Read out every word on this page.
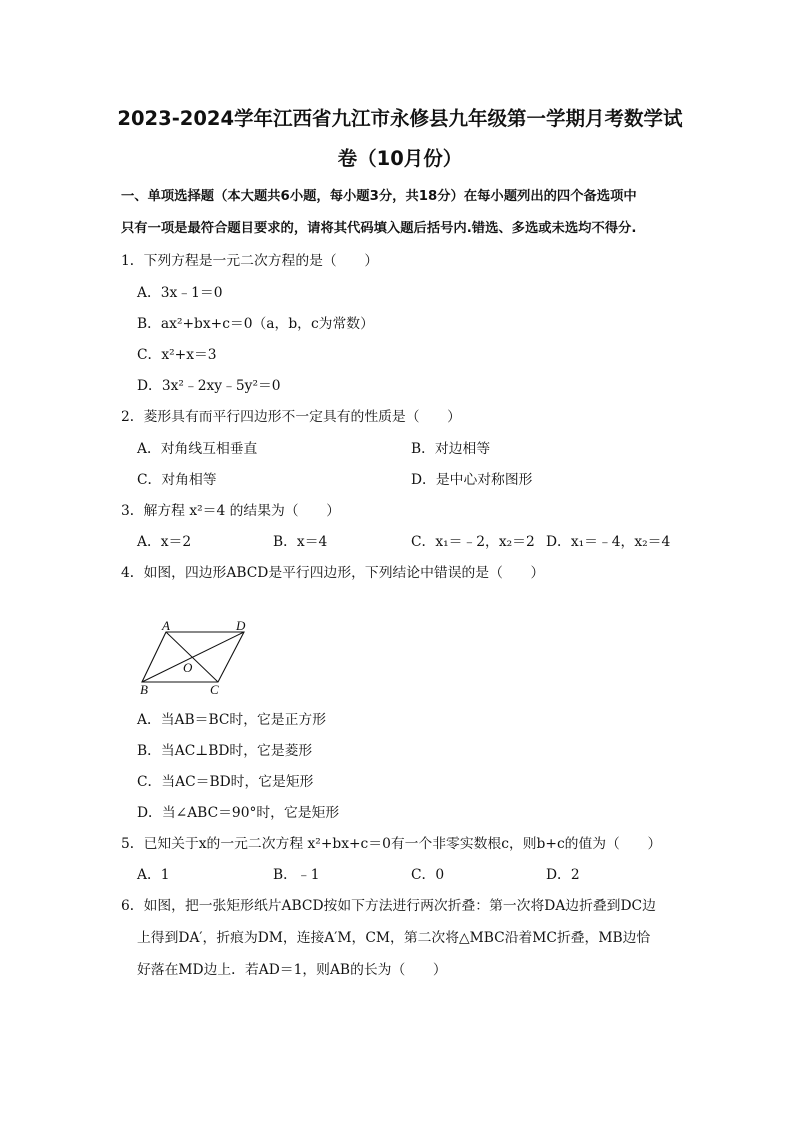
2023-2024学年江西省九江市永修县九年级第一学期月考数学试
卷（10月份）
一、单项选择题（本大题共6小题，每小题3分，共18分）在每小题列出的四个备选项中
只有一项是最符合题目要求的，请将其代码填入题后括号内.错选、多选或未选均不得分.
1．下列方程是一元二次方程的是（　　）
A．3x﹣1＝0
B．ax²+bx+c＝0（a，b，c为常数）
C．x²+x＝3
D．3x²﹣2xy﹣5y²＝0
2．菱形具有而平行四边形不一定具有的性质是（　　）
A．对角线互相垂直	B．对边相等
C．对角相等	D．是中心对称图形
3．解方程 x²＝4 的结果为（　　）
A．x＝2	B．x＝4	C．x₁＝﹣2，x₂＝2 D．x₁＝﹣4，x₂＝4
4．如图，四边形ABCD是平行四边形，下列结论中错误的是（　　）
A	D
O
B	C
A．当AB＝BC时，它是正方形
B．当AC⊥BD时，它是菱形
C．当AC＝BD时，它是矩形
D．当∠ABC＝90°时，它是矩形
5．已知关于x的一元二次方程 x²+bx+c＝0有一个非零实数根c，则b+c的值为（　　）
A．1	B．﹣1	C．0	D．2
6．如图，把一张矩形纸片ABCD按如下方法进行两次折叠：第一次将DA边折叠到DC边
上得到DA′，折痕为DM，连接A′M，CM，第二次将△MBC沿着MC折叠，MB边恰
好落在MD边上．若AD＝1，则AB的长为（　　）
